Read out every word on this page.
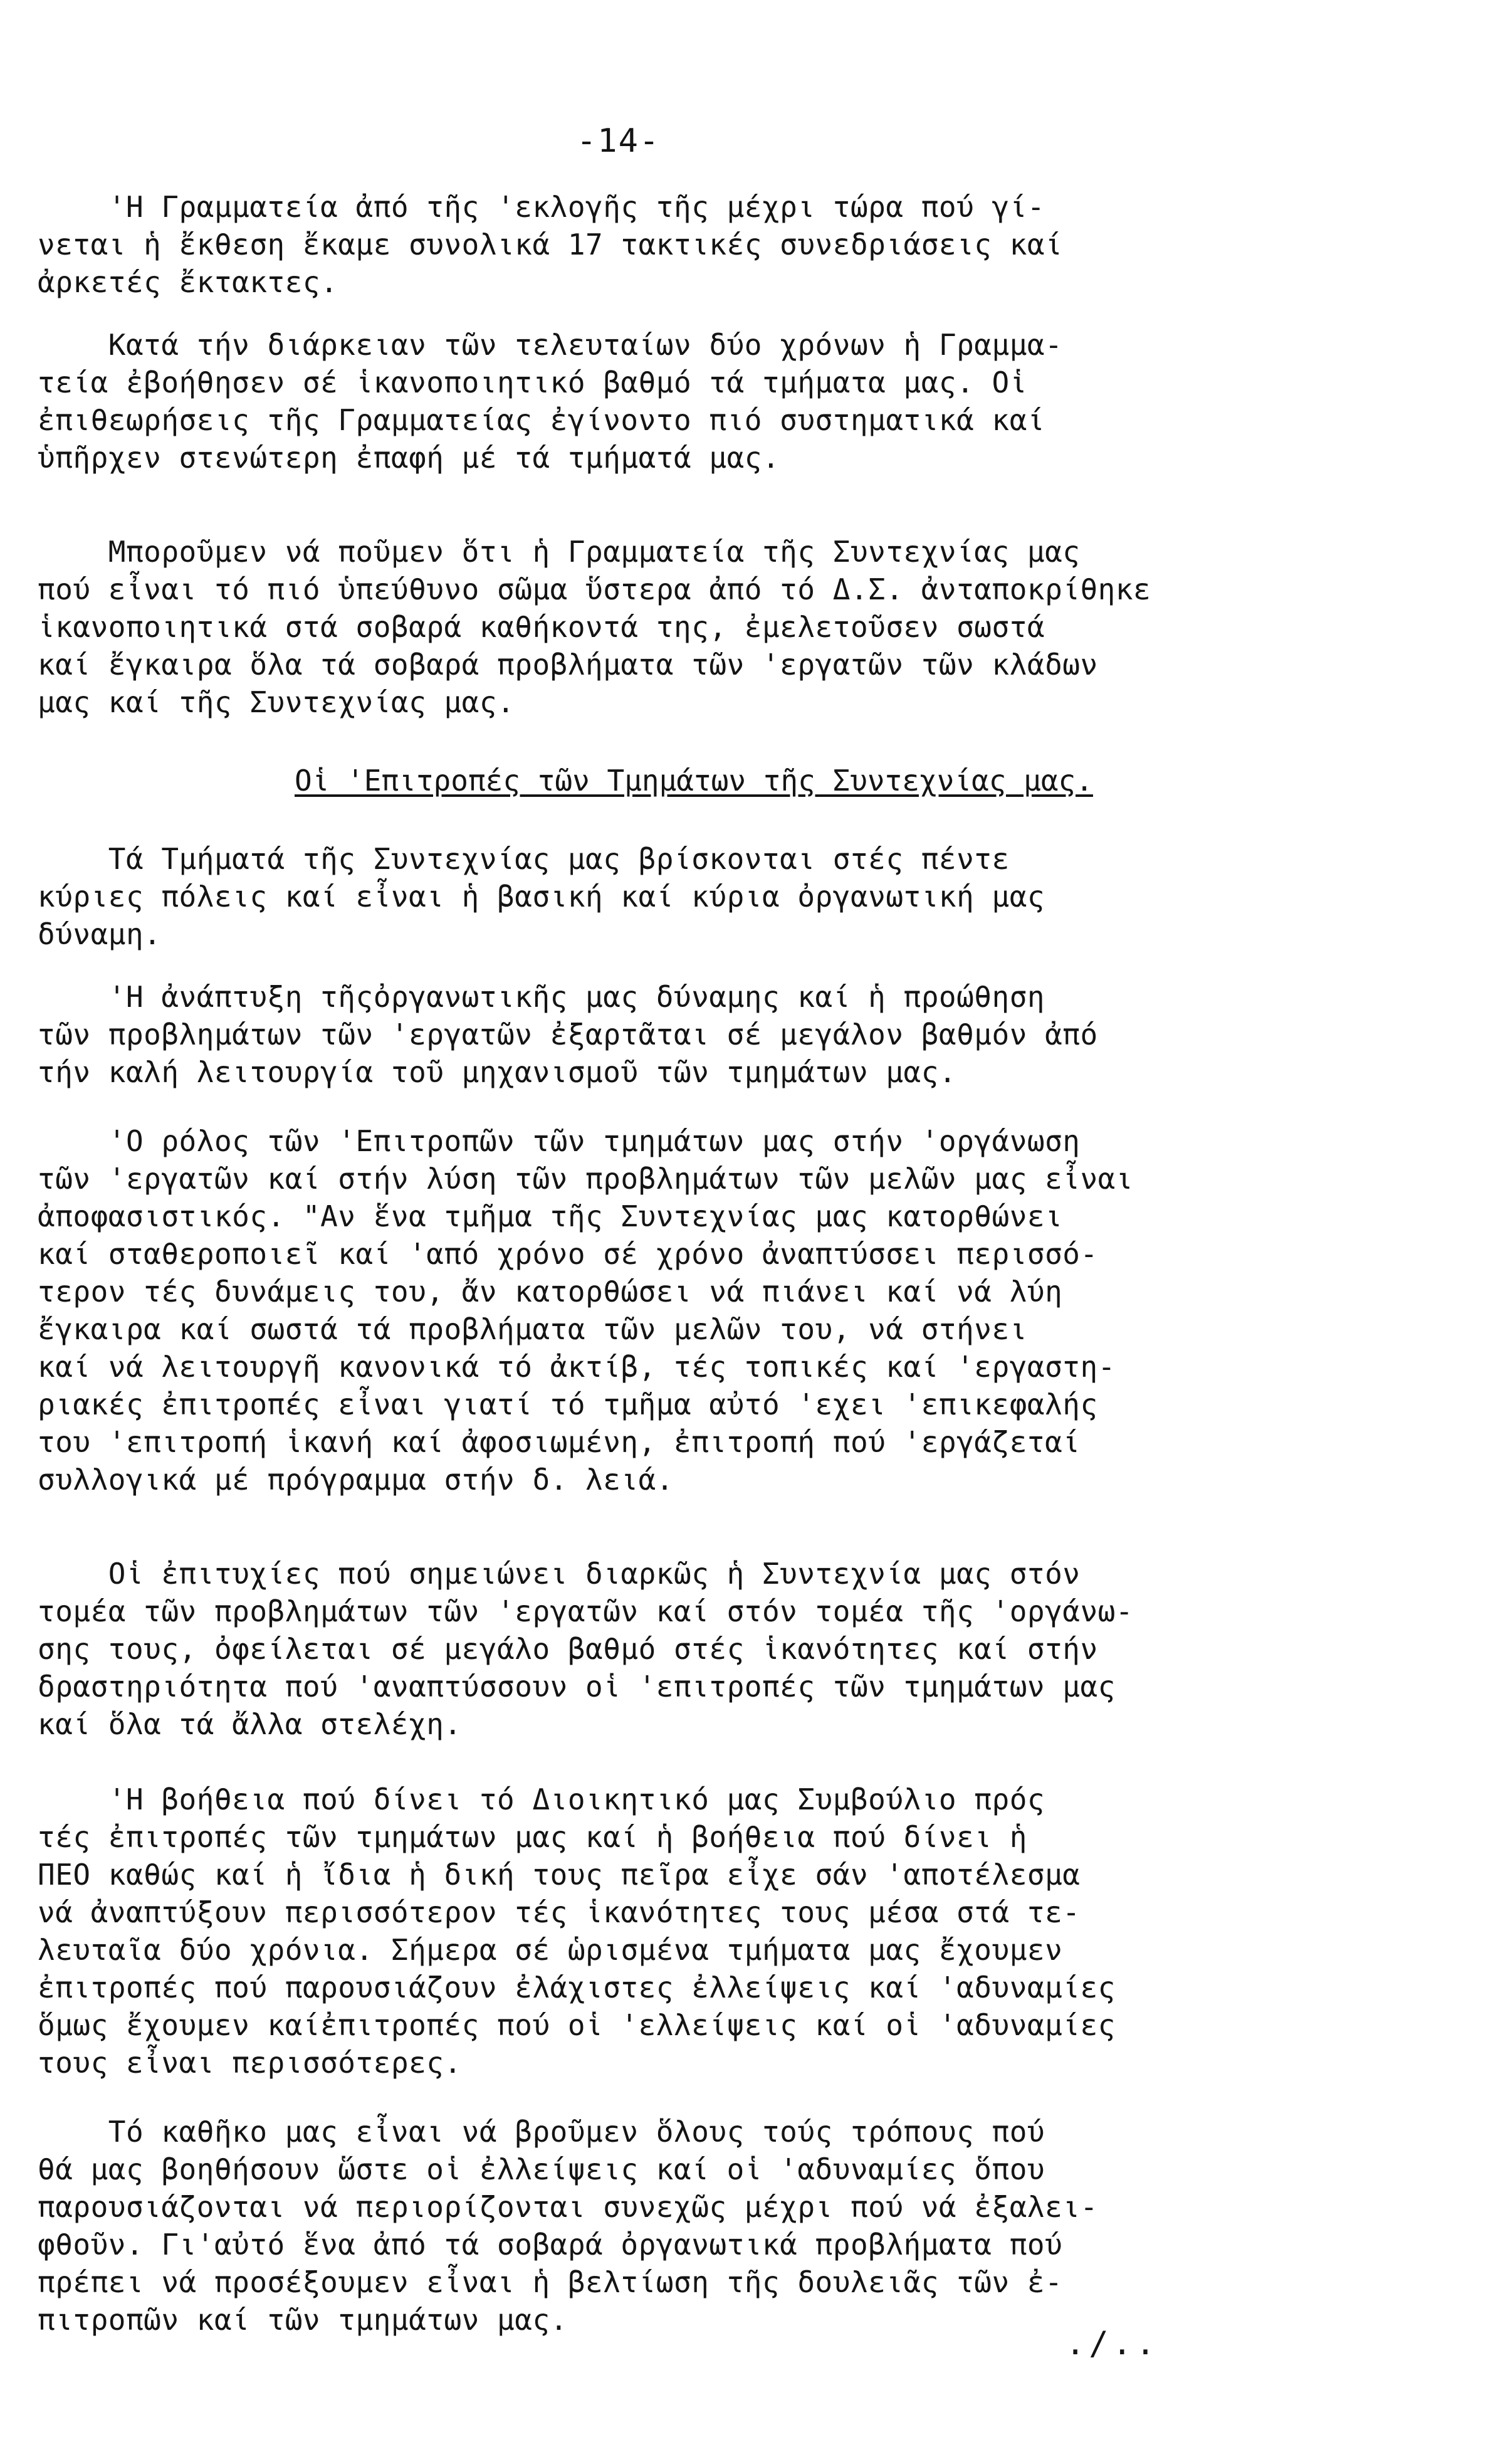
-14-
'Η Γραμματεία ἀπό τῆς 'εκλογῆς τῆς μέχρι τώρα πού γί-
νεται ἡ ἔκθεση ἔκαμε συνολικά 17 τακτικές συνεδριάσεις καί
ἀρκετές ἔκτακτες.
Κατά τήν διάρκειαν τῶν τελευταίων δύο χρόνων ἡ Γραμμα-
τεία ἐβοήθησεν σέ ἱκανοποιητικό βαθμό τά τμήματα μας. Οἱ
ἐπιθεωρήσεις τῆς Γραμματείας ἐγίνοντο πιό συστηματικά καί
ὑπῆρχεν στενώτερη ἐπαφή μέ τά τμήματά μας.
Μποροῦμεν νά ποῦμεν ὅτι ἡ Γραμματεία τῆς Συντεχνίας μας
πού εἶναι τό πιό ὑπεύθυνο σῶμα ὕστερα ἀπό τό Δ.Σ. ἀνταποκρίθηκε
ἱκανοποιητικά στά σοβαρά καθήκοντά της, ἐμελετοῦσεν σωστά
καί ἔγκαιρα ὅλα τά σοβαρά προβλήματα τῶν 'εργατῶν τῶν κλάδων
μας καί τῆς Συντεχνίας μας.
Οἱ 'Επιτροπές τῶν Τμημάτων τῆς Συντεχνίας μας.
Τά Τμήματά τῆς Συντεχνίας μας βρίσκονται στές πέντε
κύριες πόλεις καί εἶναι ἡ βασική καί κύρια ὀργανωτική μας
δύναμη.
'Η ἀνάπτυξη τῆςὀργανωτικῆς μας δύναμης καί ἡ προώθηση
τῶν προβλημάτων τῶν 'εργατῶν ἐξαρτᾶται σέ μεγάλον βαθμόν ἀπό
τήν καλή λειτουργία τοῦ μηχανισμοῦ τῶν τμημάτων μας.
'Ο ρόλος τῶν 'Επιτροπῶν τῶν τμημάτων μας στήν 'οργάνωση
τῶν 'εργατῶν καί στήν λύση τῶν προβλημάτων τῶν μελῶν μας εἶναι
ἀποφασιστικός. "Αν ἕνα τμῆμα τῆς Συντεχνίας μας κατορθώνει
καί σταθεροποιεῖ καί 'από χρόνο σέ χρόνο ἀναπτύσσει περισσό-
τερον τές δυνάμεις του, ἄν κατορθώσει νά πιάνει καί νά λύη
ἔγκαιρα καί σωστά τά προβλήματα τῶν μελῶν του, νά στήνει
καί νά λειτουργῆ κανονικά τό ἀκτίβ, τές τοπικές καί 'εργαστη-
ριακές ἐπιτροπές εἶναι γιατί τό τμῆμα αὐτό 'εχει 'επικεφαλής
του 'επιτροπή ἱκανή καί ἀφοσιωμένη, ἐπιτροπή πού 'εργάζεταί
συλλογικά μέ πρόγραμμα στήν δ. λειά.
Οἱ ἐπιτυχίες πού σημειώνει διαρκῶς ἡ Συντεχνία μας στόν
τομέα τῶν προβλημάτων τῶν 'εργατῶν καί στόν τομέα τῆς 'οργάνω-
σης τους, ὀφείλεται σέ μεγάλο βαθμό στές ἱκανότητες καί στήν
δραστηριότητα πού 'αναπτύσσουν οἱ 'επιτροπές τῶν τμημάτων μας
καί ὅλα τά ἄλλα στελέχη.
'Η βοήθεια πού δίνει τό Διοικητικό μας Συμβούλιο πρός
τές ἐπιτροπές τῶν τμημάτων μας καί ἡ βοήθεια πού δίνει ἡ
ΠΕΟ καθώς καί ἡ ἴδια ἡ δική τους πεῖρα εἶχε σάν 'αποτέλεσμα
νά ἀναπτύξουν περισσότερον τές ἱκανότητες τους μέσα στά τε-
λευταῖα δύο χρόνια. Σήμερα σέ ὡρισμένα τμήματα μας ἔχουμεν
ἐπιτροπές πού παρουσιάζουν ἐλάχιστες ἐλλείψεις καί 'αδυναμίες
ὅμως ἔχουμεν καίἐπιτροπές πού οἱ 'ελλείψεις καί οἱ 'αδυναμίες
τους εἶναι περισσότερες.
Τό καθῆκο μας εἶναι νά βροῦμεν ὅλους τούς τρόπους πού
θά μας βοηθήσουν ὥστε οἱ ἐλλείψεις καί οἱ 'αδυναμίες ὅπου
παρουσιάζονται νά περιορίζονται συνεχῶς μέχρι πού νά ἐξαλει-
φθοῦν. Γι'αὐτό ἕνα ἀπό τά σοβαρά ὀργανωτικά προβλήματα πού
πρέπει νά προσέξουμεν εἶναι ἡ βελτίωση τῆς δουλειᾶς τῶν ἐ-
πιτροπῶν καί τῶν τμημάτων μας.
./..
